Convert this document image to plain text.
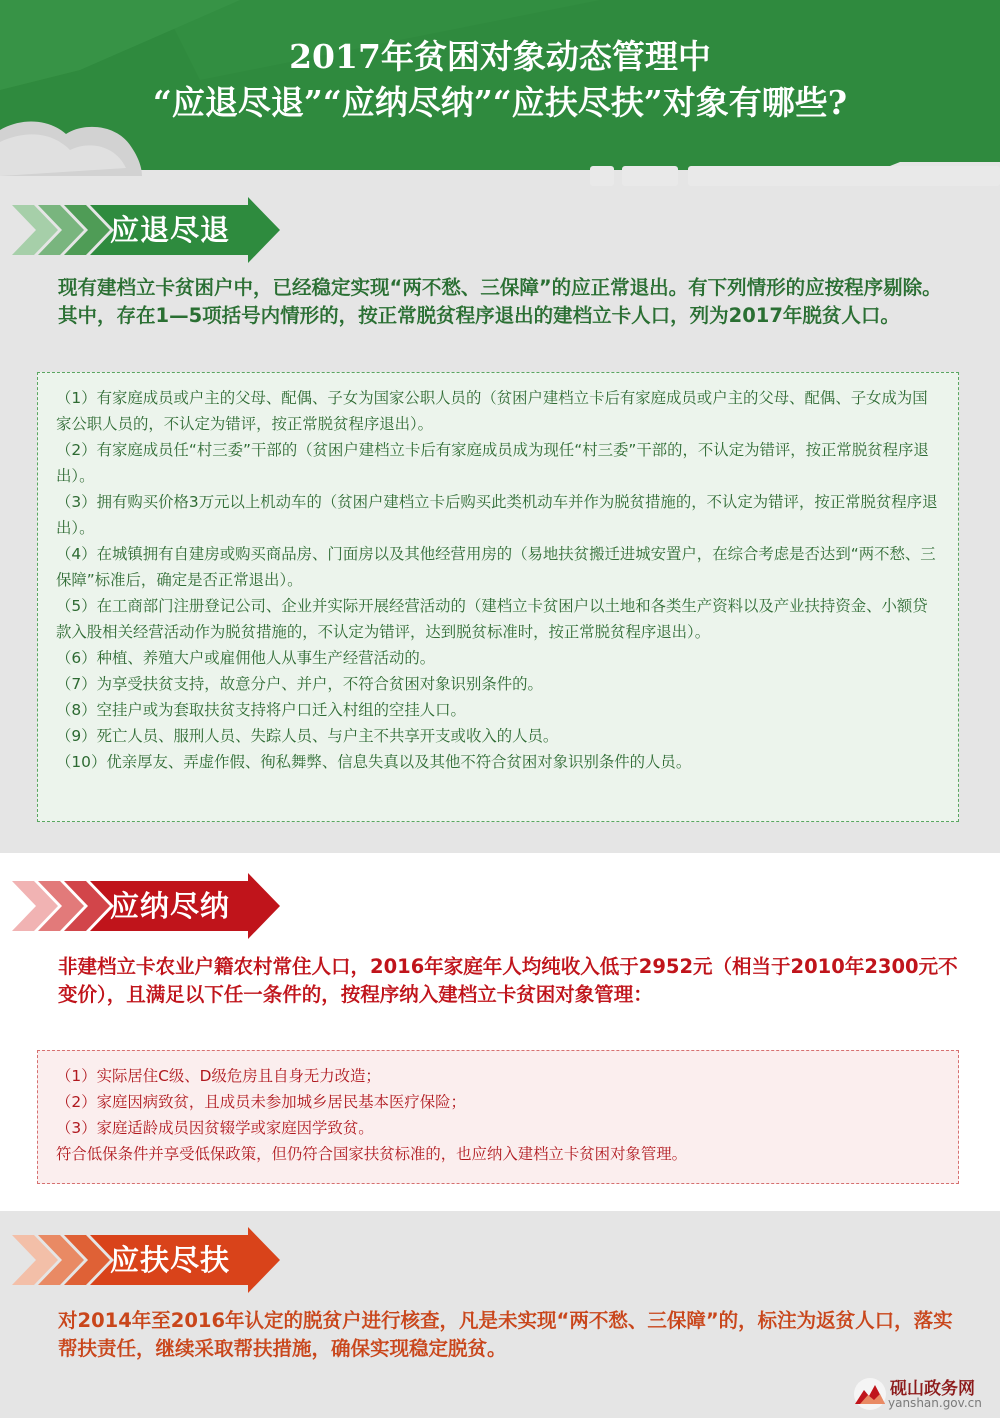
2017年贫困对象动态管理中
“应退尽退”“应纳尽纳”“应扶尽扶”对象有哪些?
应退尽退
现有建档立卡贫困户中，已经稳定实现“两不愁、三保障”的应正常退出。有下列情形的应按程序剔除。其中，存在1—5项括号内情形的，按正常脱贫程序退出的建档立卡人口，列为2017年脱贫人口。
（1）有家庭成员或户主的父母、配偶、子女为国家公职人员的（贫困户建档立卡后有家庭成员或户主的父母、配偶、子女成为国家公职人员的，不认定为错评，按正常脱贫程序退出）。
（2）有家庭成员任“村三委”干部的（贫困户建档立卡后有家庭成员成为现任“村三委”干部的，不认定为错评，按正常脱贫程序退出）。
（3）拥有购买价格3万元以上机动车的（贫困户建档立卡后购买此类机动车并作为脱贫措施的，不认定为错评，按正常脱贫程序退出）。
（4）在城镇拥有自建房或购买商品房、门面房以及其他经营用房的（易地扶贫搬迁进城安置户，在综合考虑是否达到“两不愁、三保障”标准后，确定是否正常退出）。
（5）在工商部门注册登记公司、企业并实际开展经营活动的（建档立卡贫困户以土地和各类生产资料以及产业扶持资金、小额贷款入股相关经营活动作为脱贫措施的，不认定为错评，达到脱贫标准时，按正常脱贫程序退出）。
（6）种植、养殖大户或雇佣他人从事生产经营活动的。
（7）为享受扶贫支持，故意分户、并户，不符合贫困对象识别条件的。
（8）空挂户或为套取扶贫支持将户口迁入村组的空挂人口。
（9）死亡人员、服刑人员、失踪人员、与户主不共享开支或收入的人员。
（10）优亲厚友、弄虚作假、徇私舞弊、信息失真以及其他不符合贫困对象识别条件的人员。
应纳尽纳
非建档立卡农业户籍农村常住人口，2016年家庭年人均纯收入低于2952元（相当于2010年2300元不变价），且满足以下任一条件的，按程序纳入建档立卡贫困对象管理：
（1）实际居住C级、D级危房且自身无力改造；
（2）家庭因病致贫，且成员未参加城乡居民基本医疗保险；
（3）家庭适龄成员因贫辍学或家庭因学致贫。
符合低保条件并享受低保政策，但仍符合国家扶贫标准的，也应纳入建档立卡贫困对象管理。
应扶尽扶
对2014年至2016年认定的脱贫户进行核查，凡是未实现“两不愁、三保障”的，标注为返贫人口，落实帮扶责任，继续采取帮扶措施，确保实现稳定脱贫。
砚山政务网
yanshan.gov.cn
